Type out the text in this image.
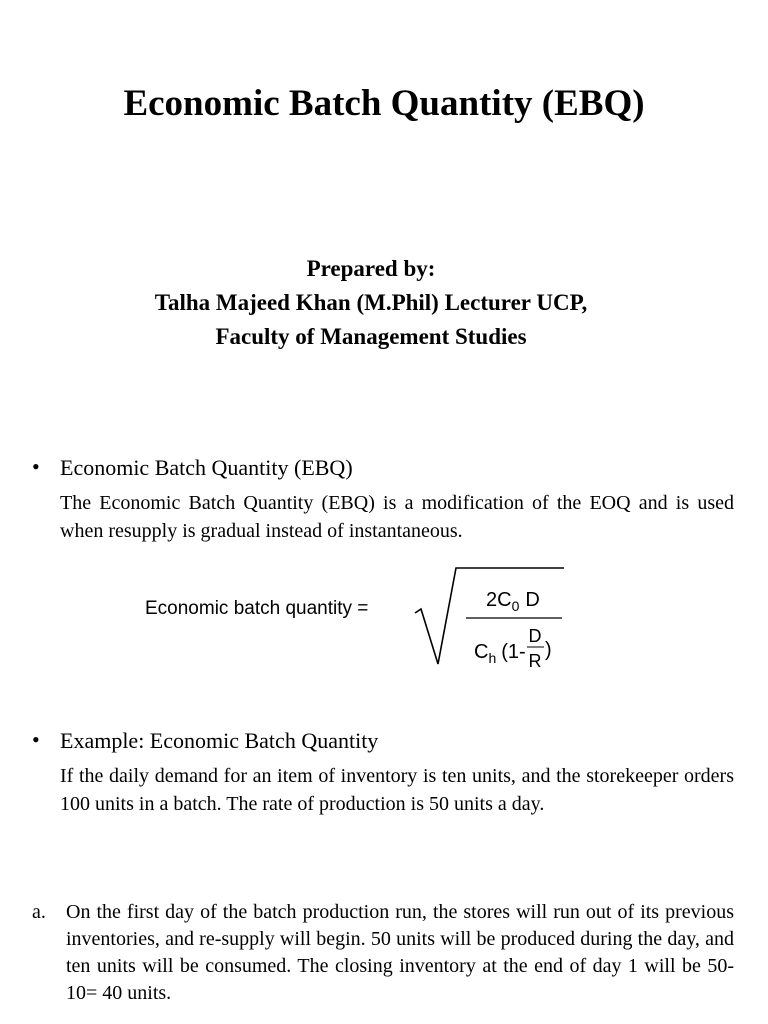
Economic Batch Quantity (EBQ)
Prepared by:
Talha Majeed Khan (M.Phil) Lecturer UCP,
Faculty of Management Studies
• Economic Batch Quantity (EBQ)
The Economic Batch Quantity (EBQ) is a modification of the EOQ and is used when resupply is gradual instead of instantaneous.
Economic batch quantity =	$2C_0$ D
$C_h$ (1-
D
R )
• Example: Economic Batch Quantity
If the daily demand for an item of inventory is ten units, and the storekeeper orders 100 units in a batch. The rate of production is 50 units a day.
a. On the first day of the batch production run, the stores will run out of its previous inventories, and re-supply will begin. 50 units will be produced during the day, and ten units will be consumed. The closing inventory at the end of day 1 will be 50-10= 40 units.
